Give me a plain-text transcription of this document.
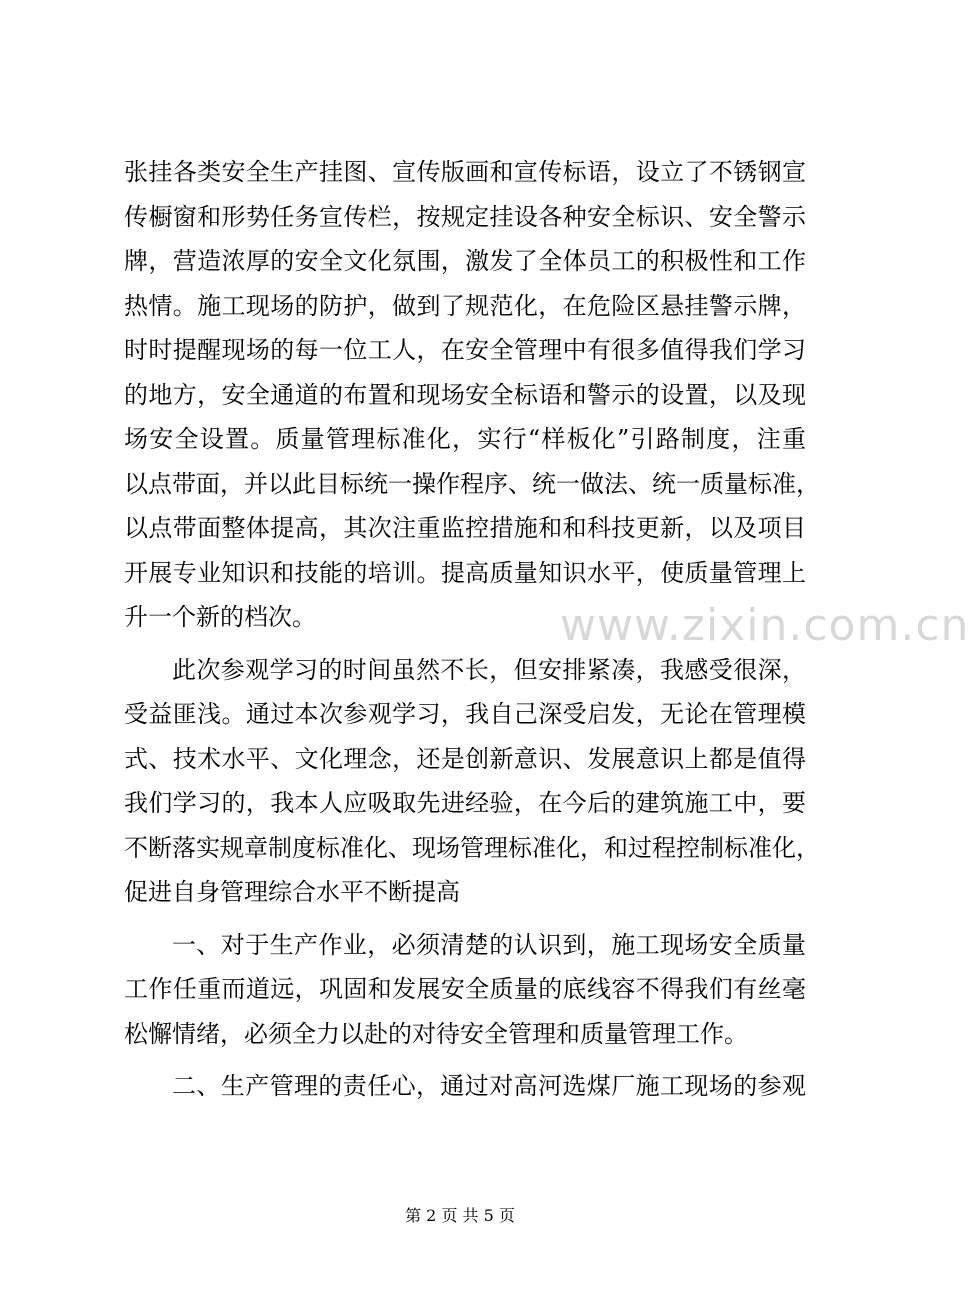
张挂各类安全生产挂图、宣传版画和宣传标语，设立了不锈钢宣
传橱窗和形势任务宣传栏，按规定挂设各种安全标识、安全警示
牌，营造浓厚的安全文化氛围，激发了全体员工的积极性和工作
热情。施工现场的防护，做到了规范化，在危险区悬挂警示牌，
时时提醒现场的每一位工人，在安全管理中有很多值得我们学习
的地方，安全通道的布置和现场安全标语和警示的设置，以及现
场安全设置。质量管理标准化，实行“样板化”引路制度，注重
以点带面，并以此目标统一操作程序、统一做法、统一质量标准，
以点带面整体提高，其次注重监控措施和和科技更新，以及项目
开展专业知识和技能的培训。提高质量知识水平，使质量管理上
升一个新的档次。
此次参观学习的时间虽然不长，但安排紧凑，我感受很深，
受益匪浅。通过本次参观学习，我自己深受启发，无论在管理模
式、技术水平、文化理念，还是创新意识、发展意识上都是值得
我们学习的，我本人应吸取先进经验，在今后的建筑施工中，要
不断落实规章制度标准化、现场管理标准化，和过程控制标准化，
促进自身管理综合水平不断提高
一、对于生产作业，必须清楚的认识到，施工现场安全质量
工作任重而道远，巩固和发展安全质量的底线容不得我们有丝毫
松懈情绪，必须全力以赴的对待安全管理和质量管理工作。
二、生产管理的责任心，通过对高河选煤厂施工现场的参观
www.zixin.com.cn
第 2 页 共 5 页
